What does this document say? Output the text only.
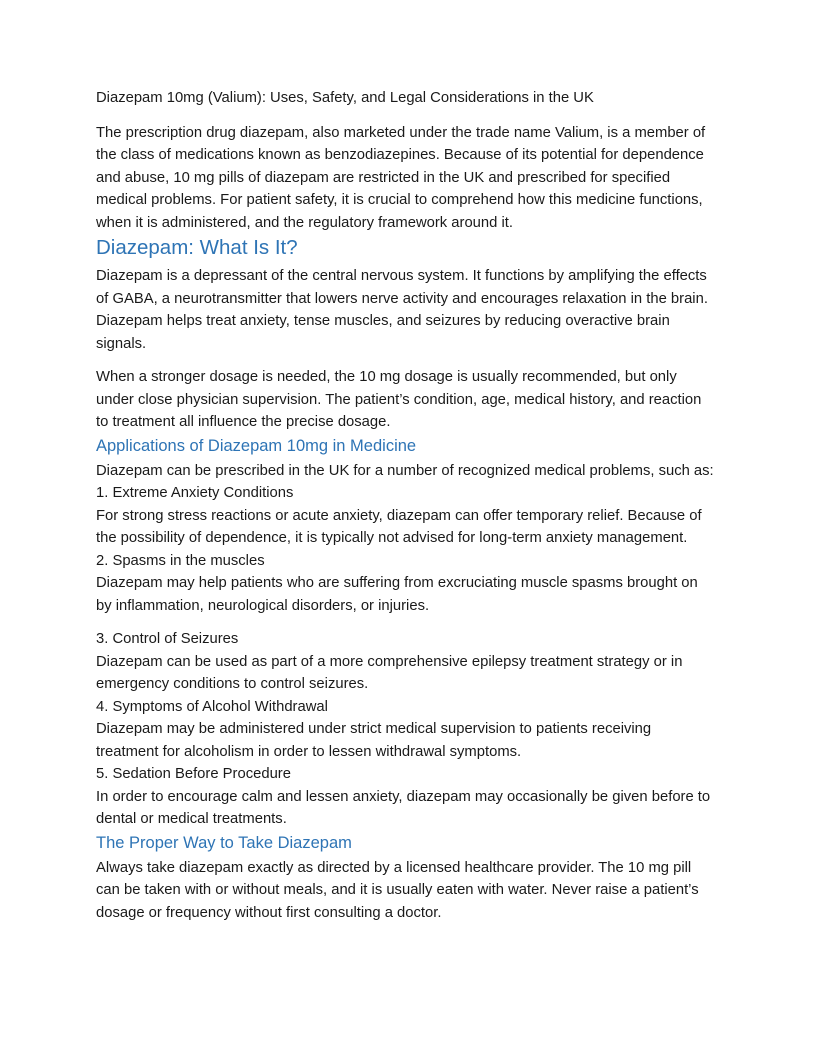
Diazepam 10mg (Valium): Uses, Safety, and Legal Considerations in the UK

The prescription drug diazepam, also marketed under the trade name Valium, is a member of the class of medications known as benzodiazepines. Because of its potential for dependence and abuse, 10 mg pills of diazepam are restricted in the UK and prescribed for specified medical problems. For patient safety, it is crucial to comprehend how this medicine functions, when it is administered, and the regulatory framework around it.

Diazepam: What Is It?

Diazepam is a depressant of the central nervous system. It functions by amplifying the effects of GABA, a neurotransmitter that lowers nerve activity and encourages relaxation in the brain. Diazepam helps treat anxiety, tense muscles, and seizures by reducing overactive brain signals.

When a stronger dosage is needed, the 10 mg dosage is usually recommended, but only under close physician supervision. The patient’s condition, age, medical history, and reaction to treatment all influence the precise dosage.

Applications of Diazepam 10mg in Medicine

Diazepam can be prescribed in the UK for a number of recognized medical problems, such as:

1. Extreme Anxiety Conditions

For strong stress reactions or acute anxiety, diazepam can offer temporary relief. Because of the possibility of dependence, it is typically not advised for long-term anxiety management.

2. Spasms in the muscles

Diazepam may help patients who are suffering from excruciating muscle spasms brought on by inflammation, neurological disorders, or injuries.

3. Control of Seizures

Diazepam can be used as part of a more comprehensive epilepsy treatment strategy or in emergency conditions to control seizures.

4. Symptoms of Alcohol Withdrawal

Diazepam may be administered under strict medical supervision to patients receiving treatment for alcoholism in order to lessen withdrawal symptoms.

5. Sedation Before Procedure

In order to encourage calm and lessen anxiety, diazepam may occasionally be given before to dental or medical treatments.

The Proper Way to Take Diazepam

Always take diazepam exactly as directed by a licensed healthcare provider. The 10 mg pill can be taken with or without meals, and it is usually eaten with water. Never raise a patient’s dosage or frequency without first consulting a doctor.
